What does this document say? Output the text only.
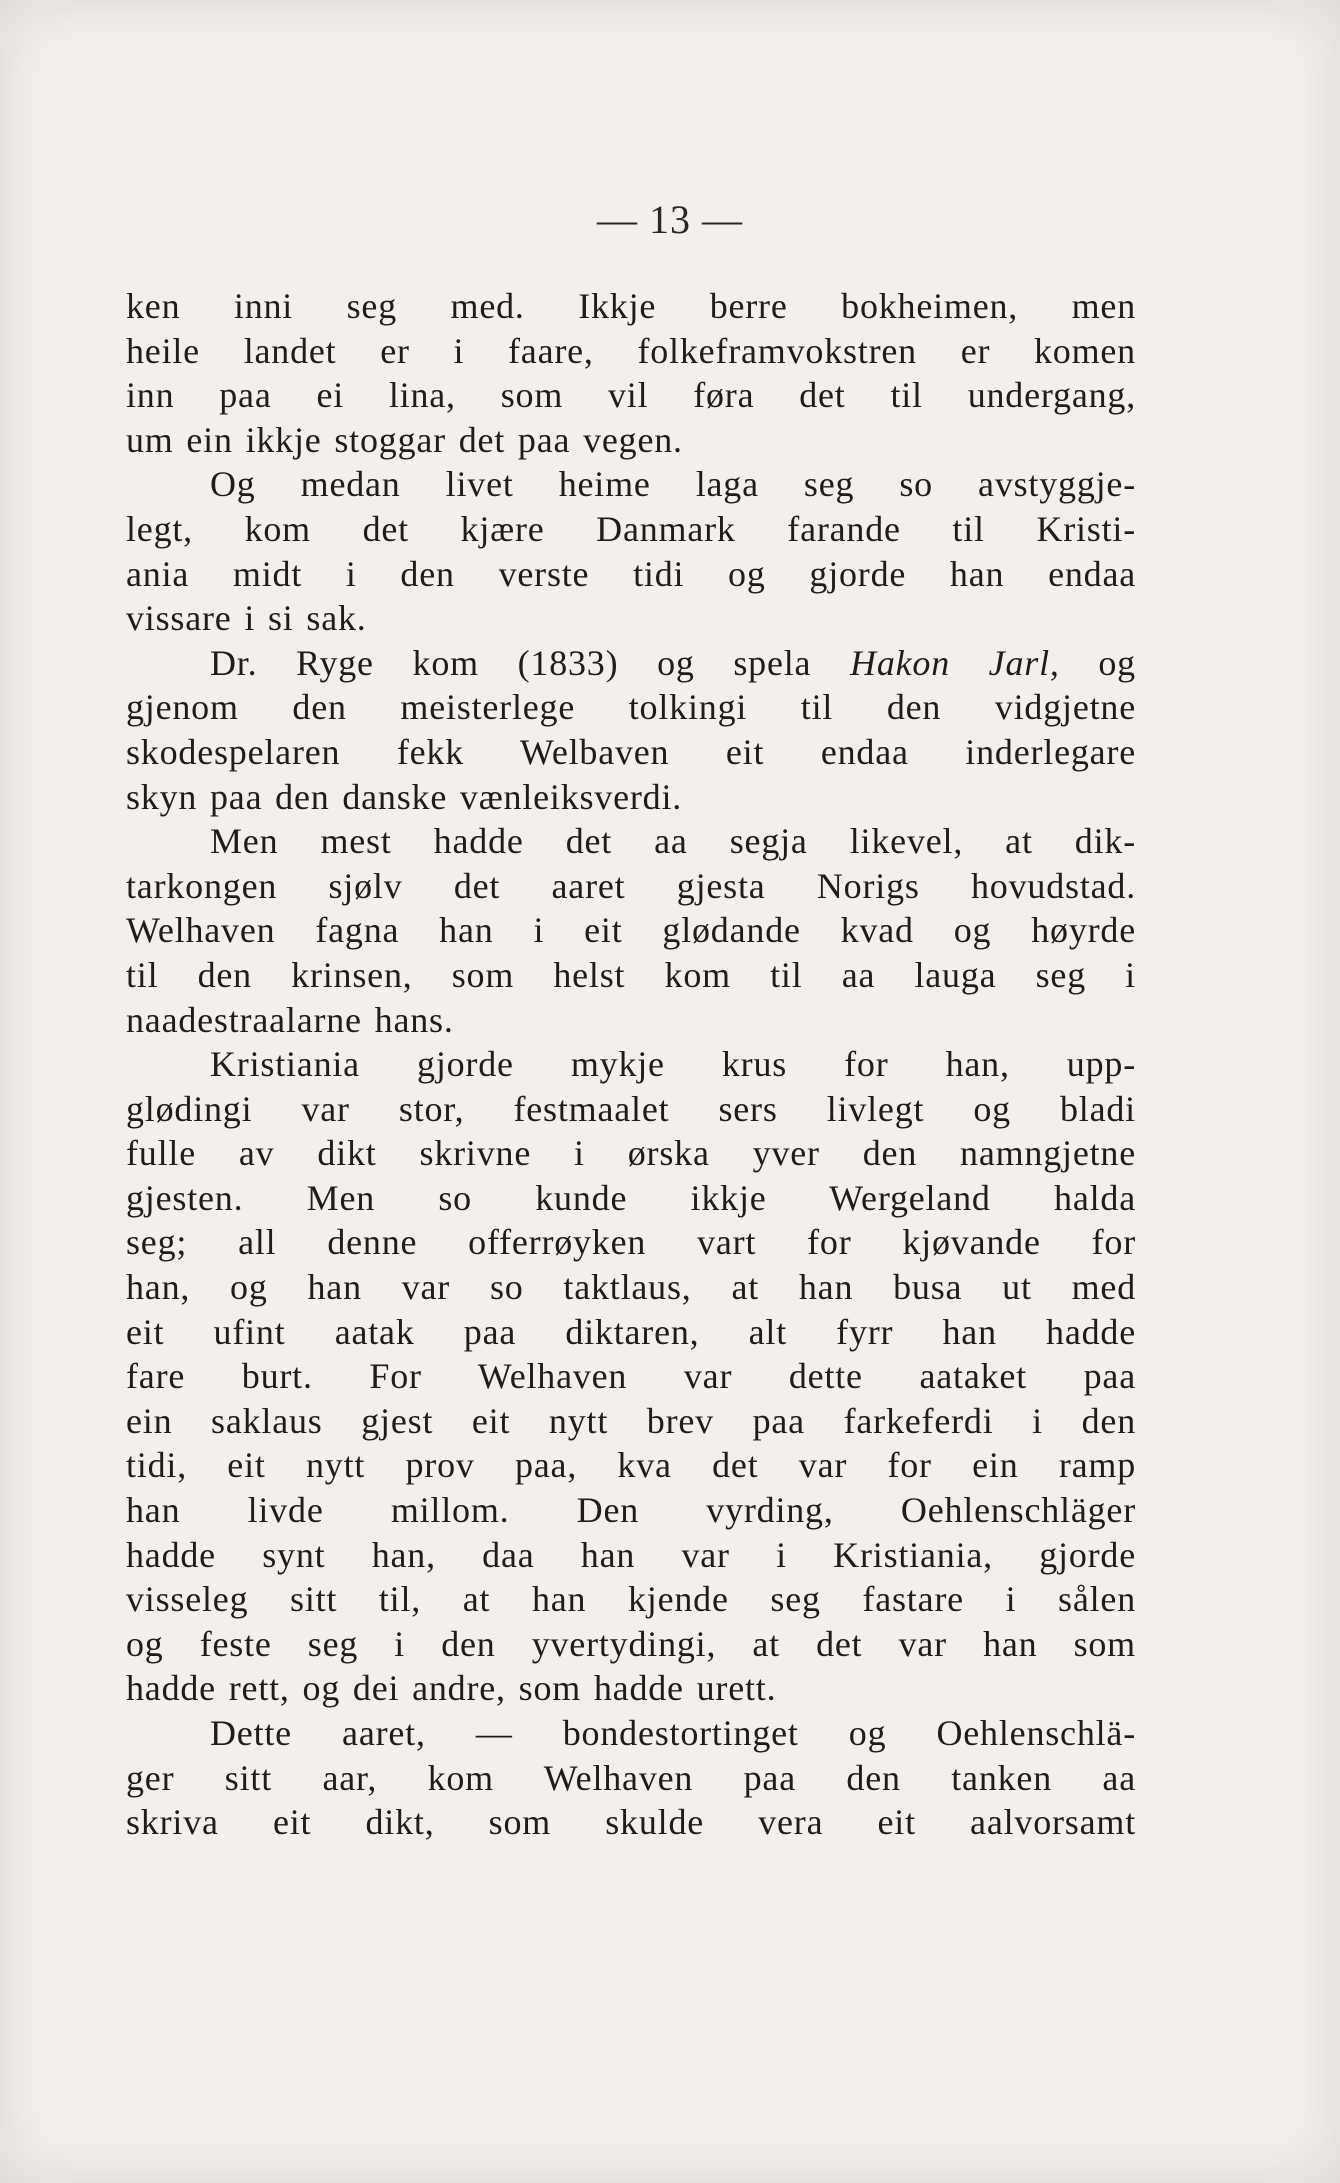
— 13 —
ken inni seg med. Ikkje berre bokheimen, men
heile landet er i faare, folkeframvokstren er komen
inn paa ei lina, som vil føra det til undergang,
um ein ikkje stoggar det paa vegen.
Og medan livet heime laga seg so avstyggje-
legt, kom det kjære Danmark farande til Kristi-
ania midt i den verste tidi og gjorde han endaa
vissare i si sak.
Dr. Ryge kom (1833) og spela Hakon Jarl, og
gjenom den meisterlege tolkingi til den vidgjetne
skodespelaren fekk Welbaven eit endaa inderlegare
skyn paa den danske vænleiksverdi.
Men mest hadde det aa segja likevel, at dik-
tarkongen sjølv det aaret gjesta Norigs hovudstad.
Welhaven fagna han i eit glødande kvad og høyrde
til den krinsen, som helst kom til aa lauga seg i
naadestraalarne hans.
Kristiania gjorde mykje krus for han, upp-
glødingi var stor, festmaalet sers livlegt og bladi
fulle av dikt skrivne i ørska yver den namngjetne
gjesten. Men so kunde ikkje Wergeland halda
seg; all denne offerrøyken vart for kjøvande for
han, og han var so taktlaus, at han busa ut med
eit ufint aatak paa diktaren, alt fyrr han hadde
fare burt. For Welhaven var dette aataket paa
ein saklaus gjest eit nytt brev paa farkeferdi i den
tidi, eit nytt prov paa, kva det var for ein ramp
han livde millom. Den vyrding, Oehlenschläger
hadde synt han, daa han var i Kristiania, gjorde
visseleg sitt til, at han kjende seg fastare i sålen
og feste seg i den yvertydingi, at det var han som
hadde rett, og dei andre, som hadde urett.
Dette aaret, — bondestortinget og Oehlenschlä-
ger sitt aar, kom Welhaven paa den tanken aa
skriva eit dikt, som skulde vera eit aalvorsamt
